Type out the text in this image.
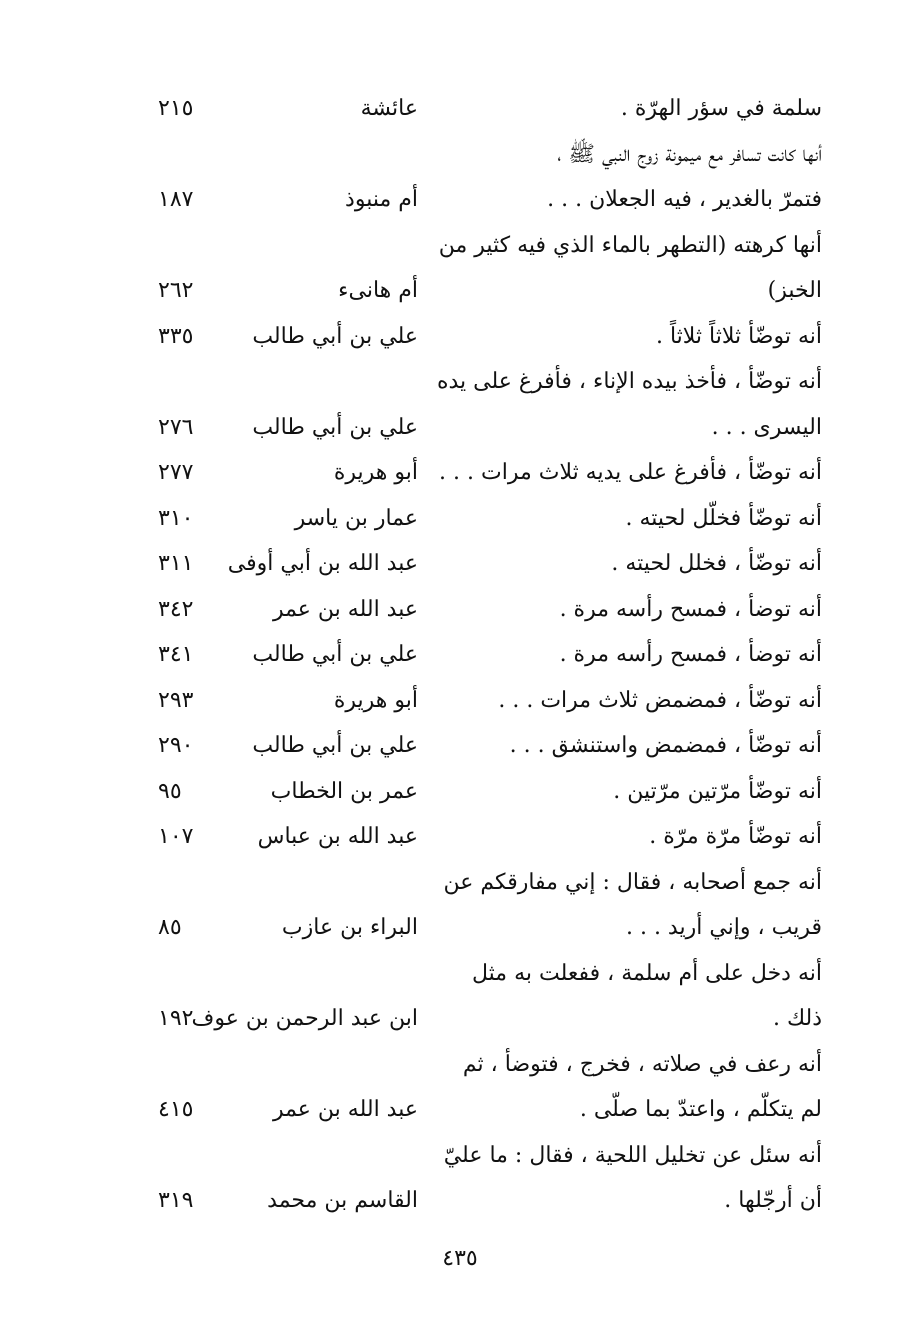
سلمة في سؤر الهرّة .
عائشة
٢١٥
أنها كانت تسافر مع ميمونة زوج النبي ﷺ ،
فتمرّ بالغدير ، فيه الجعلان . . .
أم منبوذ
١٨٧
أنها كرهته (التطهر بالماء الذي فيه كثير من
الخبز)
أم هانىء
٢٦٢
أنه توضّأ ثلاثاً ثلاثاً .
علي بن أبي طالب
٣٣٥
أنه توضّأ ، فأخذ بيده الإناء ، فأفرغ على يده
اليسرى . . .
علي بن أبي طالب
٢٧٦
أنه توضّأ ، فأفرغ على يديه ثلاث مرات . . .
أبو هريرة
٢٧٧
أنه توضّأ فخلّل لحيته .
عمار بن ياسر
٣١٠
أنه توضّأ ، فخلل لحيته .
عبد الله بن أبي أوفى
٣١١
أنه توضأ ، فمسح رأسه مرة .
عبد الله بن عمر
٣٤٢
أنه توضأ ، فمسح رأسه مرة .
علي بن أبي طالب
٣٤١
أنه توضّأ ، فمضمض ثلاث مرات . . .
أبو هريرة
٢٩٣
أنه توضّأ ، فمضمض واستنشق . . .
علي بن أبي طالب
٢٩٠
أنه توضّأ مرّتين مرّتين .
عمر بن الخطاب
٩٥
أنه توضّأ مرّة مرّة .
عبد الله بن عباس
١٠٧
أنه جمع أصحابه ، فقال : إني مفارقكم عن
قريب ، وإني أريد . . .
البراء بن عازب
٨٥
أنه دخل على أم سلمة ، ففعلت به مثل
ذلك .
ابن عبد الرحمن بن عوف
١٩٢
أنه رعف في صلاته ، فخرج ، فتوضأ ، ثم
لم يتكلّم ، واعتدّ بما صلّى .
عبد الله بن عمر
٤١٥
أنه سئل عن تخليل اللحية ، فقال : ما عليّ
أن أرجّلها .
القاسم بن محمد
٣١٩
٤٣٥
